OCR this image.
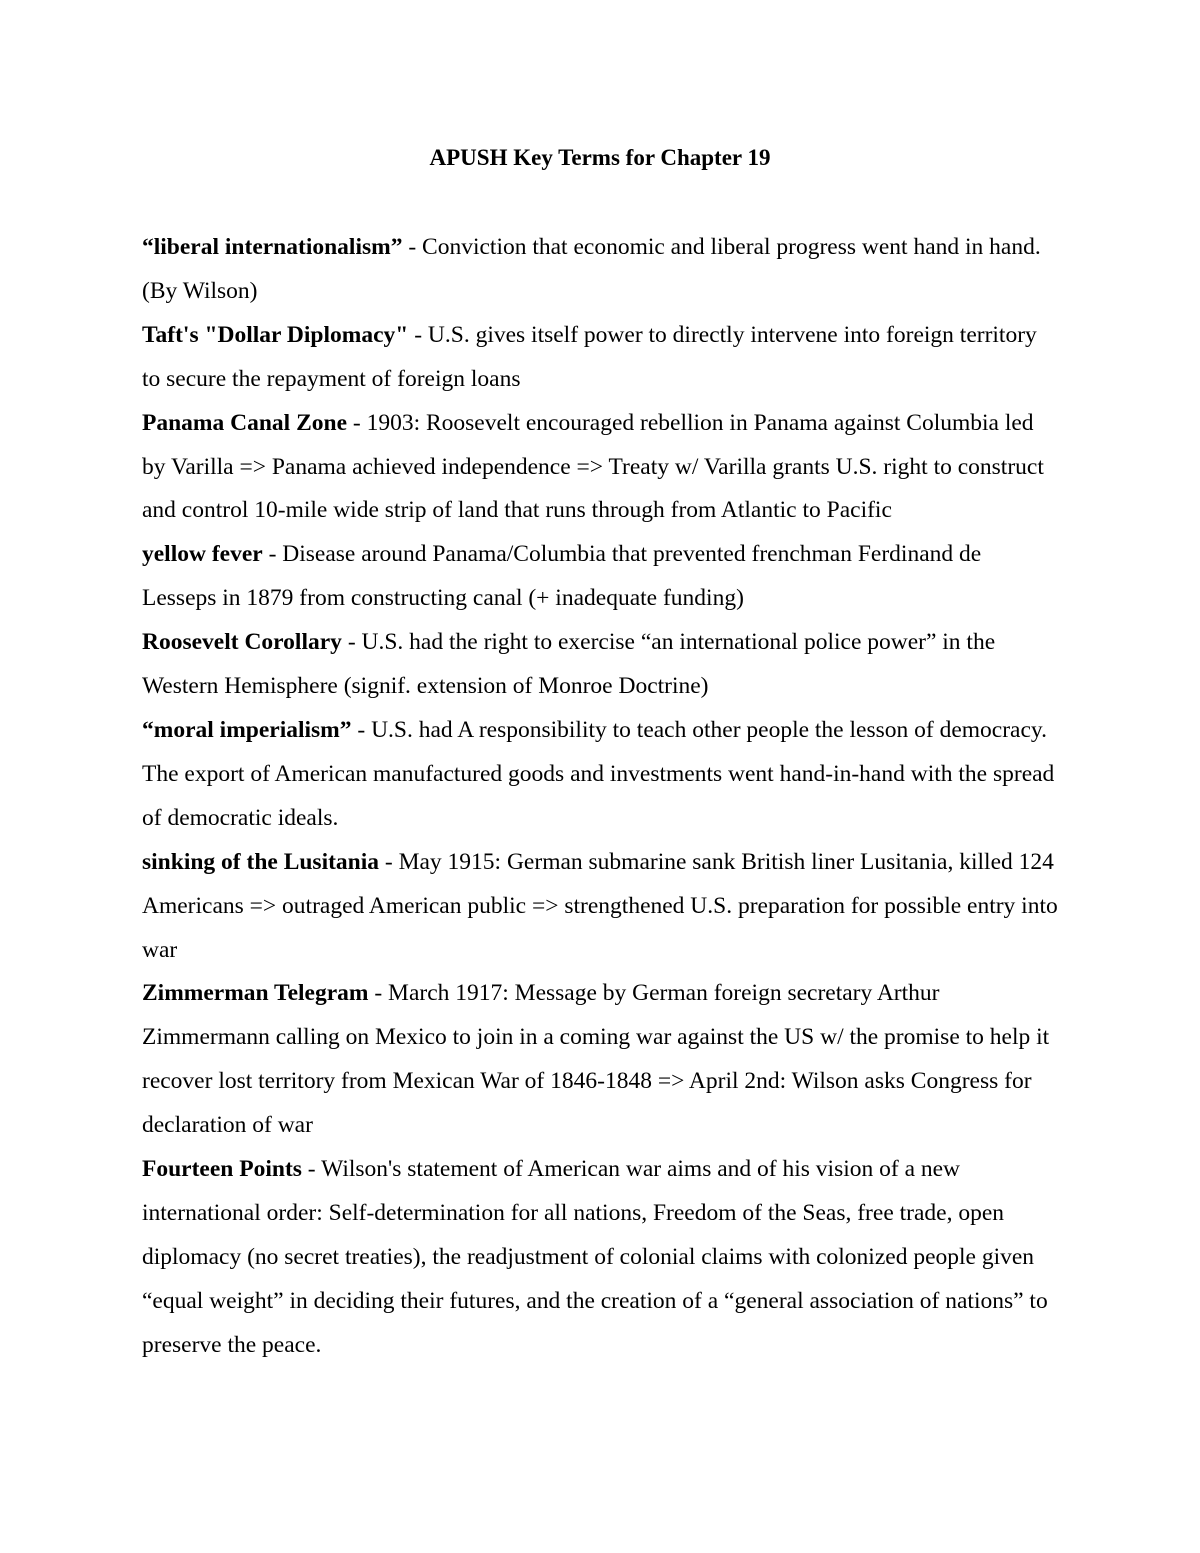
APUSH Key Terms for Chapter 19

“liberal internationalism” - Conviction that economic and liberal progress went hand in hand. (By Wilson)

Taft's "Dollar Diplomacy" - U.S. gives itself power to directly intervene into foreign territory to secure the repayment of foreign loans

Panama Canal Zone - 1903: Roosevelt encouraged rebellion in Panama against Columbia led by Varilla => Panama achieved independence => Treaty w/ Varilla grants U.S. right to construct and control 10-mile wide strip of land that runs through from Atlantic to Pacific

yellow fever - Disease around Panama/Columbia that prevented frenchman Ferdinand de Lesseps in 1879 from constructing canal (+ inadequate funding)

Roosevelt Corollary - U.S. had the right to exercise “an international police power” in the Western Hemisphere (signif. extension of Monroe Doctrine)

“moral imperialism” - U.S. had A responsibility to teach other people the lesson of democracy. The export of American manufactured goods and investments went hand-in-hand with the spread of democratic ideals.

sinking of the Lusitania - May 1915: German submarine sank British liner Lusitania, killed 124 Americans => outraged American public => strengthened U.S. preparation for possible entry into war

Zimmerman Telegram - March 1917: Message by German foreign secretary Arthur Zimmermann calling on Mexico to join in a coming war against the US w/ the promise to help it recover lost territory from Mexican War of 1846-1848 => April 2nd: Wilson asks Congress for declaration of war

Fourteen Points - Wilson's statement of American war aims and of his vision of a new international order: Self-determination for all nations, Freedom of the Seas, free trade, open diplomacy (no secret treaties), the readjustment of colonial claims with colonized people given “equal weight” in deciding their futures, and the creation of a “general association of nations” to preserve the peace.
